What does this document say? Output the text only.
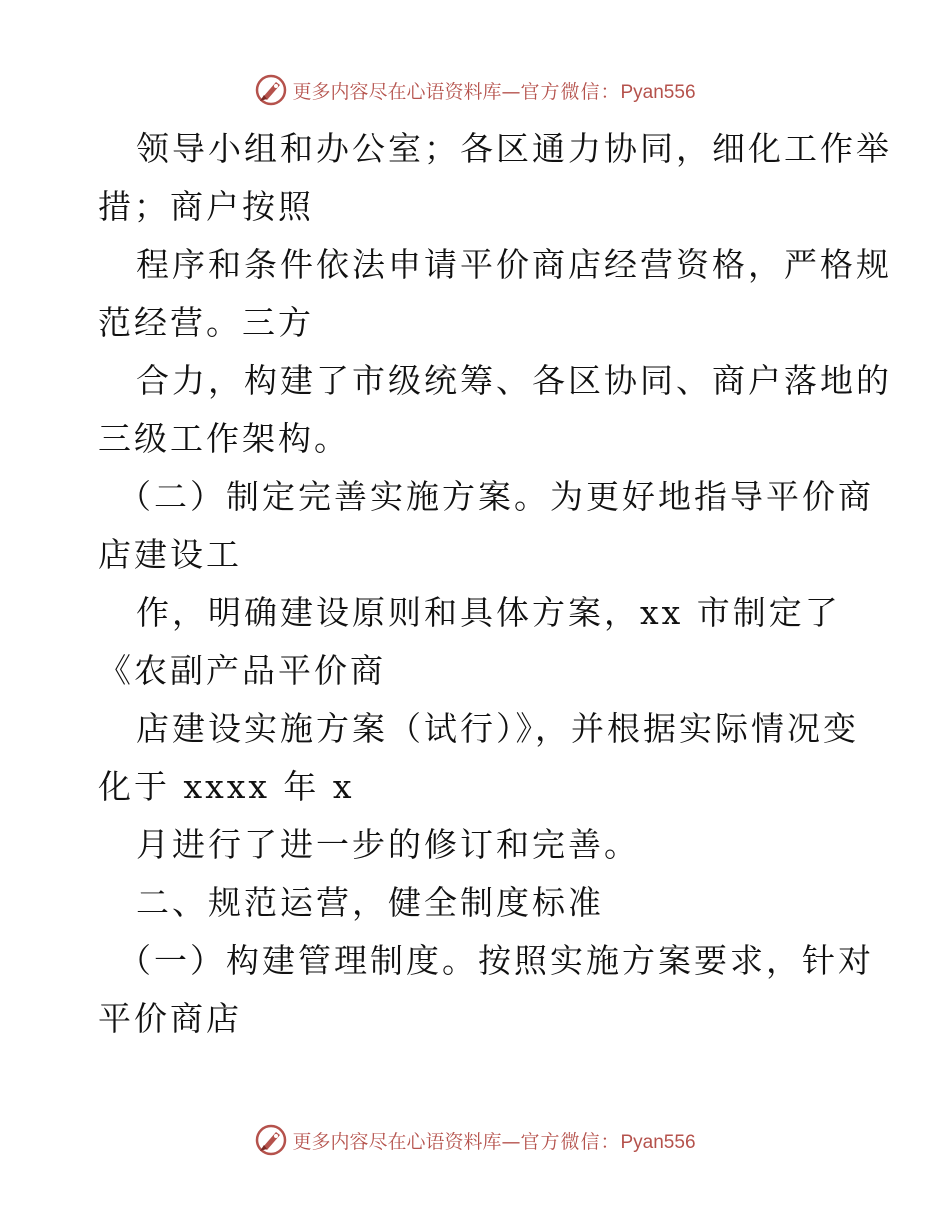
更多内容尽在心语资料库—官方微信：Pyan556
领导小组和办公室；各区通力协同，细化工作举
措；商户按照
程序和条件依法申请平价商店经营资格，严格规
范经营。三方
合力，构建了市级统筹、各区协同、商户落地的
三级工作架构。
（二）制定完善实施方案。为更好地指导平价商
店建设工
作，明确建设原则和具体方案，xx 市制定了
《农副产品平价商
店建设实施方案（试行）》，并根据实际情况变
化于 xxxx 年 x
月进行了进一步的修订和完善。
二、规范运营，健全制度标准
（一）构建管理制度。按照实施方案要求，针对
平价商店
更多内容尽在心语资料库—官方微信：Pyan556
